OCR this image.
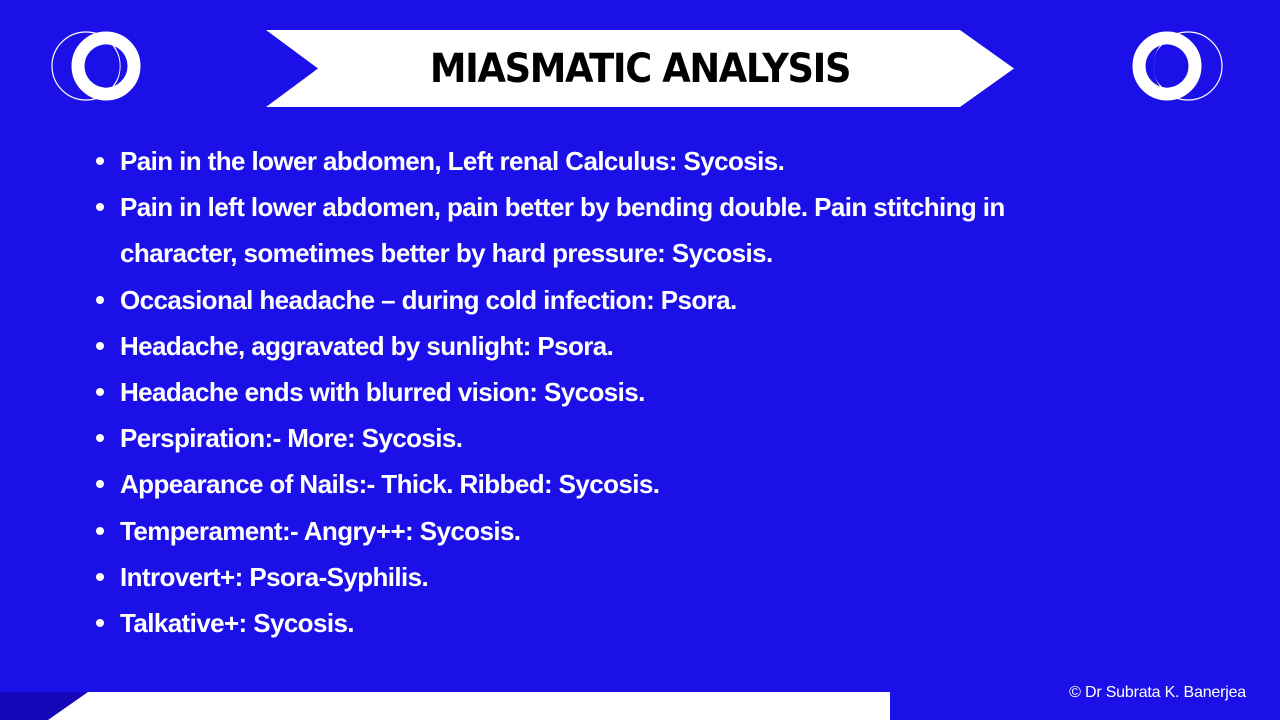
MIASMATIC ANALYSIS
Pain in the lower abdomen, Left renal Calculus: Sycosis.
Pain in left lower abdomen, pain better by bending double. Pain stitching in
character, sometimes better by hard pressure: Sycosis.
Occasional headache – during cold infection: Psora.
Headache, aggravated by sunlight: Psora.
Headache ends with blurred vision: Sycosis.
Perspiration:- More: Sycosis.
Appearance of Nails:- Thick. Ribbed: Sycosis.
Temperament:- Angry++: Sycosis.
Introvert+: Psora-Syphilis.
Talkative+: Sycosis.
© Dr Subrata K. Banerjea
